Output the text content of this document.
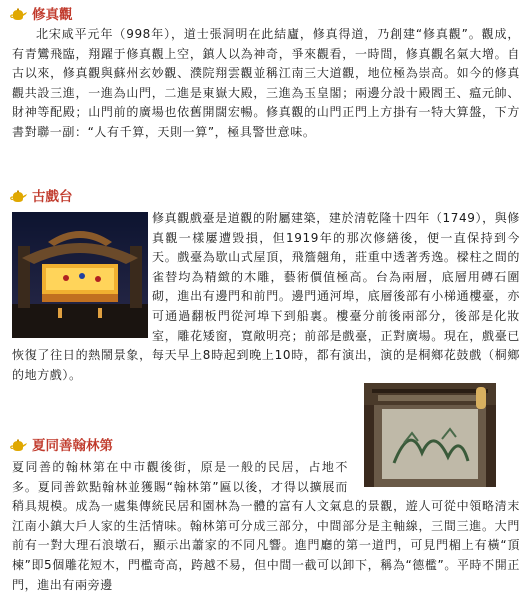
修真觀

北宋咸平元年（998年），道士張洞明在此結廬，修真得道，乃創建“修真觀”。觀成，有青鸞飛臨，翔躍于修真觀上空，鎮人以為神奇，爭來觀看，一時間，修真觀名氣大增。自古以來，修真觀與蘇州玄妙觀、濮院翔雲觀並稱江南三大道觀，地位極為崇高。如今的修真觀共設三進，一進為山門，二進是東嶽大殿，三進為玉皇閣；兩邊分設十殿閻王、瘟元帥、財神等配殿；山門前的廣場也依舊開闊宏暢。修真觀的山門正門上方掛有一特大算盤，下方書對聯一副：“人有千算，天則一算”，極具警世意味。

古戲台

修真觀戲臺是道觀的附屬建築，建於清乾隆十四年（1749），與修真觀一樣屢遭毀損，但1919年的那次修繕後，便一直保持到今天。戲臺為歇山式屋頂，飛簷翹角，莊重中透著秀逸。樑柱之間的雀替均為精緻的木雕，藝術價值極高。台為兩層，底層用磚石圍砌，進出有邊門和前門。邊門通河埠，底層後部有小梯通樓臺，亦可通過翻板門從河埠下到船裏。樓臺分前後兩部分，後部是化妝室，雕花矮窗，寬敞明亮；前部是戲臺，正對廣場。現在，戲臺已恢復了往日的熱鬧景象，每天早上8時起到晚上10時，都有演出，演的是桐鄉花鼓戲（桐鄉的地方戲）。

夏同善翰林第

夏同善的翰林第在中市觀後街，原是一般的民居，占地不多。夏同善欽點翰林並獲賜“翰林第”匾以後，才得以擴展而稍具規模。成為一處集傳統民居和園林為一體的富有人文氣息的景觀，遊人可從中領略清末江南小鎮大戶人家的生活情味。翰林第可分成三部分，中間部分是主軸線，三間三進。大門前有一對大理石浪墩石，顯示出蕭家的不同凡響。進門廳的第一道門，可見門楣上有橫“頂楝”即5個雕花短木，門檻奇高，跨越不易，但中間一截可以卸下，稱為“德檻”。平時不開正門，進出有兩旁邊
